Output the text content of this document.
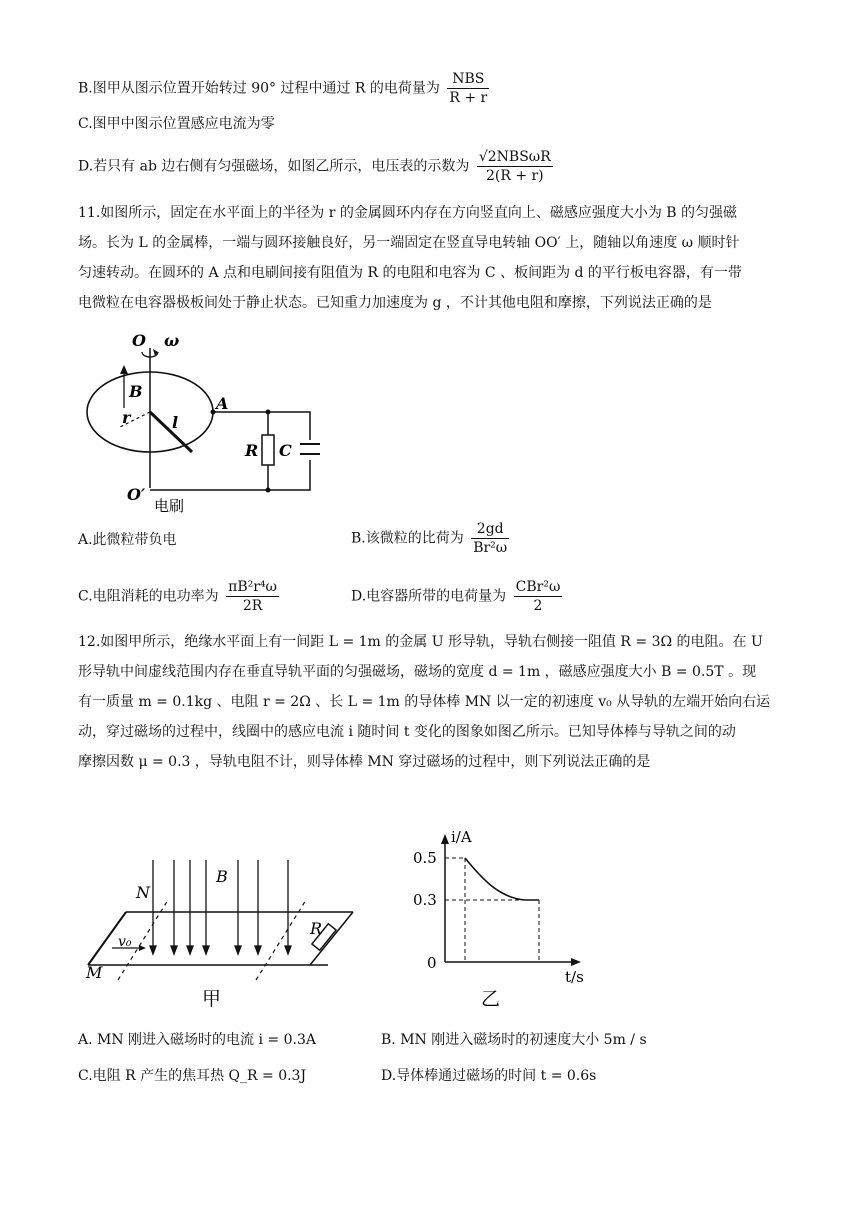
B.图甲从图示位置开始转过 90° 过程中通过 R 的电荷量为 $\frac{\text{NBS}}{R + r}$
C.图甲中图示位置感应电流为零
D.若只有 ab 边右侧有匀强磁场，如图乙所示，电压表的示数为 $\frac{\text{√2NBSωR}}{2(R + r)}$
11.如图所示，固定在水平面上的半径为 r 的金属圆环内存在方向竖直向上、磁感应强度大小为 B 的匀强磁
场。长为 L 的金属棒，一端与圆环接触良好，另一端固定在竖直导电转轴 OO′ 上，随轴以角速度 ω 顺时针
匀速转动。在圆环的 A 点和电刷间接有阻值为 R 的电阻和电容为 C 、板间距为 d 的平行板电容器，有一带
电微粒在电容器极板间处于静止状态。已知重力加速度为 g ，不计其他电阻和摩擦，下列说法正确的是
O ω
B
r	l
A
R C
O′
电刷
A.此微粒带负电	B.该微粒的比荷为 $\frac{2gd}{\text{Br²ω}}$
C.电阻消耗的电功率为 $\frac{\text{πB²r⁴ω}}{2R}$	D.电容器所带的电荷量为 $\frac{\text{CBr²ω}}{2}$
12.如图甲所示，绝缘水平面上有一间距 L = 1m 的金属 U 形导轨，导轨右侧接一阻值 R = 3Ω 的电阻。在 U
形导轨中间虚线范围内存在垂直导轨平面的匀强磁场，磁场的宽度 d = 1m ，磁感应强度大小 B = 0.5T 。现
有一质量 m = 0.1kg 、电阻 r = 2Ω 、长 L = 1m 的导体棒 MN 以一定的初速度 v₀ 从导轨的左端开始向右运
动，穿过磁场的过程中，线圈中的感应电流 i 随时间 t 变化的图象如图乙所示。已知导体棒与导轨之间的动
摩擦因数 μ = 0.3 ，导轨电阻不计，则导体棒 MN 穿过磁场的过程中，则下列说法正确的是
N
M
B
v₀
R
甲
i/A
t/s
0.5
0.3
0
乙
A. MN 刚进入磁场时的电流 i = 0.3A	B. MN 刚进入磁场时的初速度大小 5m / s
C.电阻 R 产生的焦耳热 Q_R = 0.3J	D.导体棒通过磁场的时间 t = 0.6s
